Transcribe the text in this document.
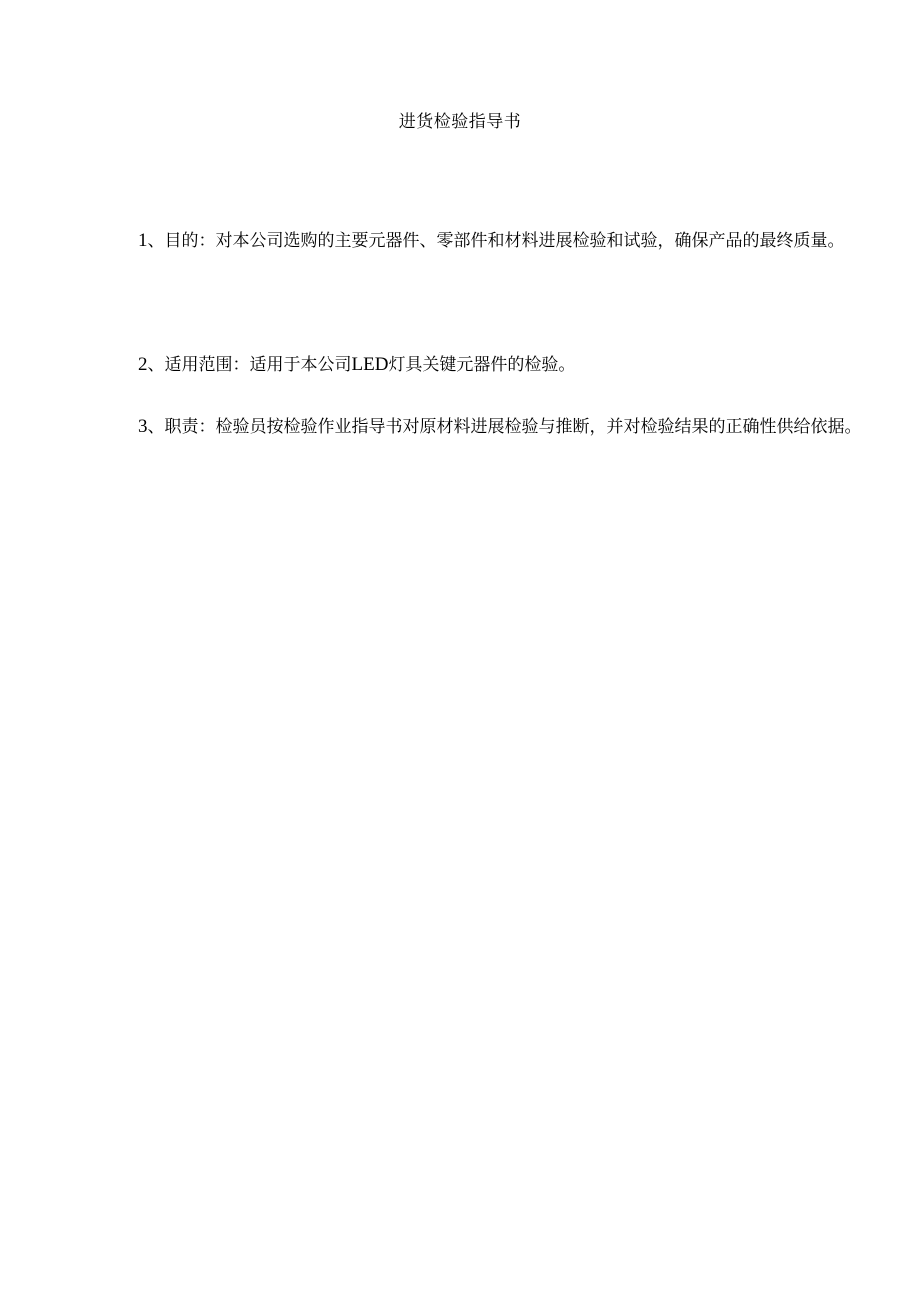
进货检验指导书

1、目的：对本公司选购的主要元器件、零部件和材料进展检验和试验，确保产品的最终质量。

2、适用范围：适用于本公司LED灯具关键元器件的检验。

3、职责：检验员按检验作业指导书对原材料进展检验与推断，并对检验结果的正确性供给依据。
